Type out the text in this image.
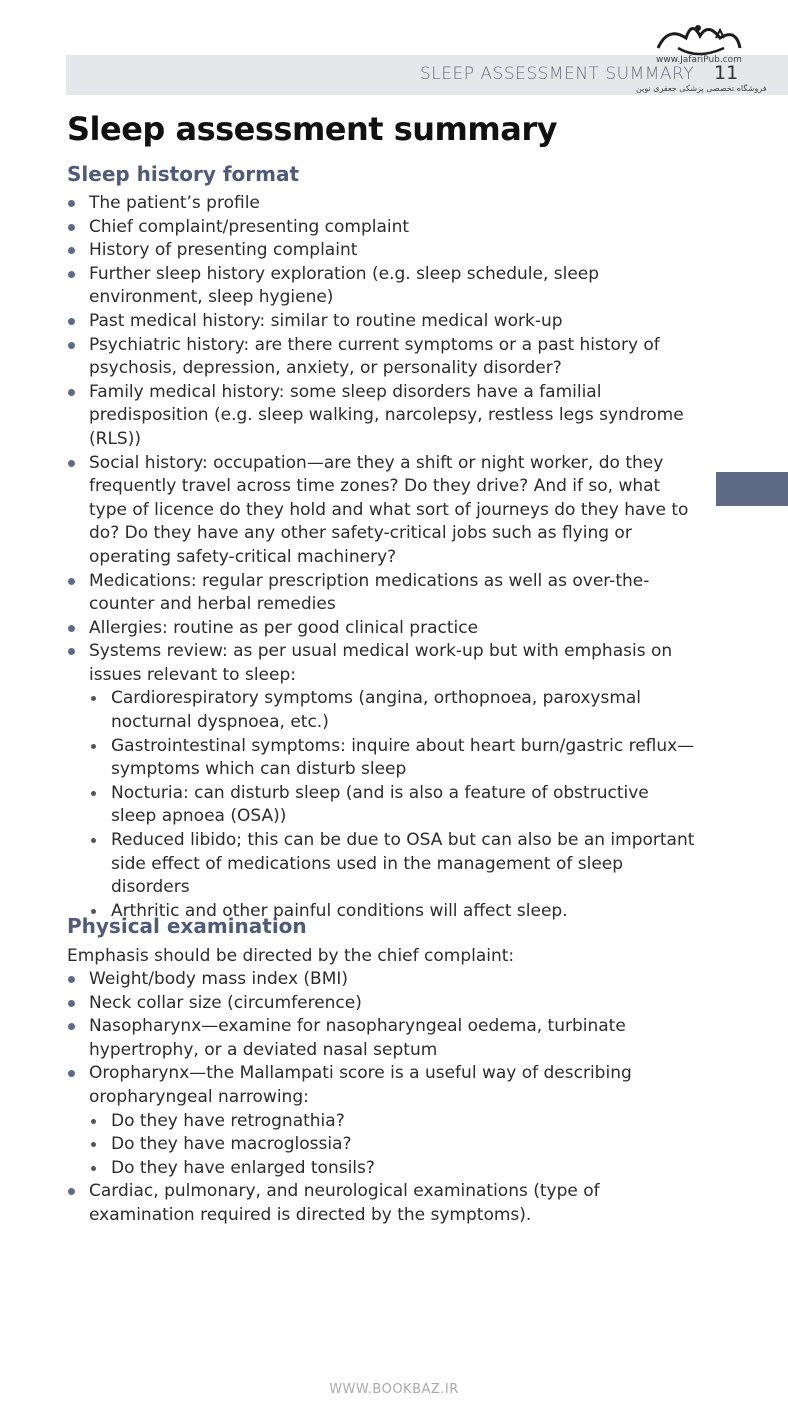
SLEEP ASSESSMENT SUMMARY 11
www.JafariPub.com
فروشگاه تخصصی پزشکی جعفری نوین
Sleep assessment summary
Sleep history format
The patient’s profile
Chief complaint/presenting complaint
History of presenting complaint
Further sleep history exploration (e.g. sleep schedule, sleep environment, sleep hygiene)
Past medical history: similar to routine medical work-up
Psychiatric history: are there current symptoms or a past history of psychosis, depression, anxiety, or personality disorder?
Family medical history: some sleep disorders have a familial predisposition (e.g. sleep walking, narcolepsy, restless legs syndrome (RLS))
Social history: occupation—are they a shift or night worker, do they frequently travel across time zones? Do they drive? And if so, what type of licence do they hold and what sort of journeys do they have to do? Do they have any other safety-critical jobs such as flying or operating safety-critical machinery?
Medications: regular prescription medications as well as over-the-counter and herbal remedies
Allergies: routine as per good clinical practice
Systems review: as per usual medical work-up but with emphasis on issues relevant to sleep:
Cardiorespiratory symptoms (angina, orthopnoea, paroxysmal nocturnal dyspnoea, etc.)
Gastrointestinal symptoms: inquire about heart burn/gastric reflux—symptoms which can disturb sleep
Nocturia: can disturb sleep (and is also a feature of obstructive sleep apnoea (OSA))
Reduced libido; this can be due to OSA but can also be an important side effect of medications used in the management of sleep disorders
Arthritic and other painful conditions will affect sleep.
Physical examination

Emphasis should be directed by the chief complaint:

Weight/body mass index (BMI)
Neck collar size (circumference)
Nasopharynx—examine for nasopharyngeal oedema, turbinate hypertrophy, or a deviated nasal septum
Oropharynx—the Mallampati score is a useful way of describing oropharyngeal narrowing:
Do they have retrognathia?
Do they have macroglossia?
Do they have enlarged tonsils?
Cardiac, pulmonary, and neurological examinations (type of examination required is directed by the symptoms).
WWW.BOOKBAZ.IR
